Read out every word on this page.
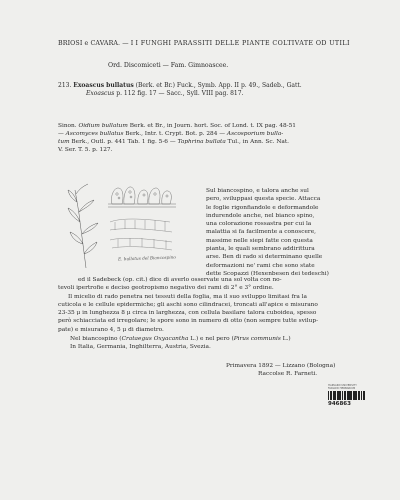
BRIOSI e CAVARA. — I I FUNGHI PARASSITI DELLE PIANTE COLTIVATE OD UTILI
Ord. Discomiceti — Fam. Gimnoascee.
213. Exoascus bullatus (Berk. et Br.) Fuck., Symb. App. II p. 49., Sadeb., Gatt.
Exoascus p. 112 fig. 17 — Sacc., Syll. VIII pag. 817.
Sinon. Oidium bullatum Berk. et Br., in Journ. hort. Soc. of Lond. t. IX pag. 48-51
— Ascomyces bullatus Berk., Intr. t. Crypt. Bot. p. 284 — Ascosporium bulla-
tum Berk., Outl. p. 441 Tab. 1 fig. 5-6 — Taphrina bullata Tul., in Ann. Sc. Nat.
V. Ser. T. 5. p. 127.
E. bullatus del Biancospino
Sul biancospino, e talora anche sul
pero, sviluppasi questa specie. Attacca
le foglie rigonfiandole e deformandole
indurendole anche, nel bianco spino,
una colorazione rossastra per cui la
malattia si fa facilmente a conoscere,
massime nelle siepi fatte con questa
pianta, le quali sembrano addirittura
arse. Ben di rado si determinano quelle
deformazioni ne' rami che sono state
dette Scopazzi (Hexenbesen dei tedeschi)
ed il Sadebeck (op. cit.) dice di averlo osservate una sol volta con no-
tevoli ipertrofie e deciso geotropismo negativo dei rami di 2° e 3° ordine.
Il micelio di rado penetra nei tessuti della foglia, ma il suo sviluppo limitasi fra la
cuticola e le cellule epidermiche; gli aschi sono cilindracei, troncati all'apice e misurano
23-35 μ in lunghezza 8 μ circa in larghezza, con cellula basilare talora cuboidea, spesso
però schiacciata ed irregolare; le spore sono in numero di otto (non sempre tutte svilup-
pate) e misurano 4, 5 μ di diametro.
Nel biancospino (Crataegus Oxyacantha L.) e nel pero (Pirus communis L.)
In Italia, Germania, Inghilterra, Austria, Svezia.
Primavera 1892 — Lizzano (Bologna)
Raccolse R. Farneti.
HARVARD UNIVERSITY
FARLOW HERBARIUM
946863
